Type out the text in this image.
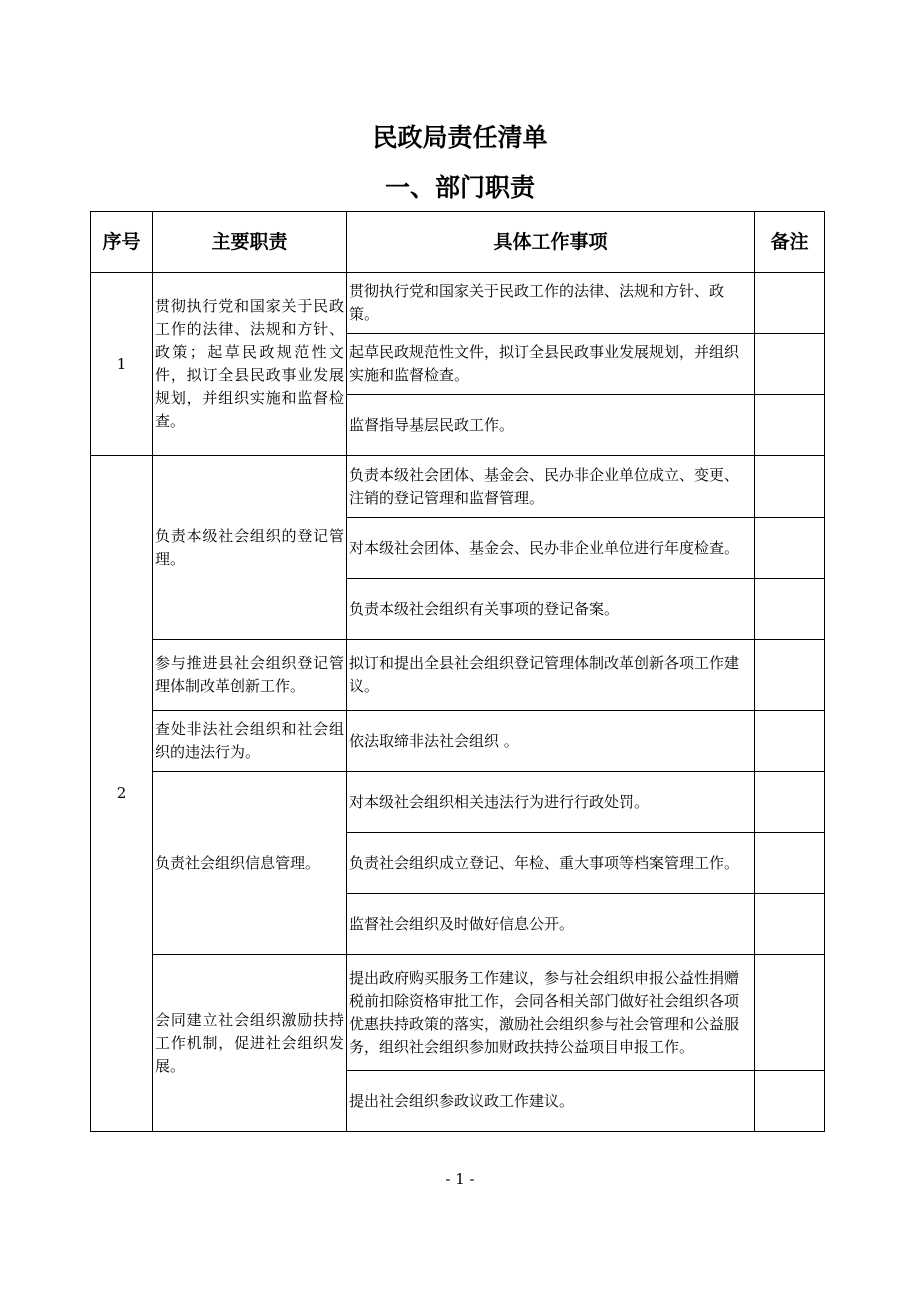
民政局责任清单
一、部门职责
序号	主要职责	具体工作事项	备注
1	贯彻执行党和国家关于民政工作的法律、法规和方针、政策；起草民政规范性文件，拟订全县民政事业发展规划，并组织实施和监督检查。	贯彻执行党和国家关于民政工作的法律、法规和方针、政策。	
		起草民政规范性文件，拟订全县民政事业发展规划，并组织实施和监督检查。	
		监督指导基层民政工作。	
2	负责本级社会组织的登记管理。	负责本级社会团体、基金会、民办非企业单位成立、变更、注销的登记管理和监督管理。	
		对本级社会团体、基金会、民办非企业单位进行年度检查。	
		负责本级社会组织有关事项的登记备案。	
	参与推进县社会组织登记管理体制改革创新工作。	拟订和提出全县社会组织登记管理体制改革创新各项工作建议。	
	查处非法社会组织和社会组织的违法行为。	依法取缔非法社会组织 。	
	负责社会组织信息管理。	对本级社会组织相关违法行为进行行政处罚。	
		负责社会组织成立登记、年检、重大事项等档案管理工作。	
		监督社会组织及时做好信息公开。	
	会同建立社会组织激励扶持工作机制，促进社会组织发展。	提出政府购买服务工作建议，参与社会组织申报公益性捐赠税前扣除资格审批工作，会同各相关部门做好社会组织各项优惠扶持政策的落实，激励社会组织参与社会管理和公益服务，组织社会组织参加财政扶持公益项目申报工作。	
		提出社会组织参政议政工作建议。	
- 1 -
